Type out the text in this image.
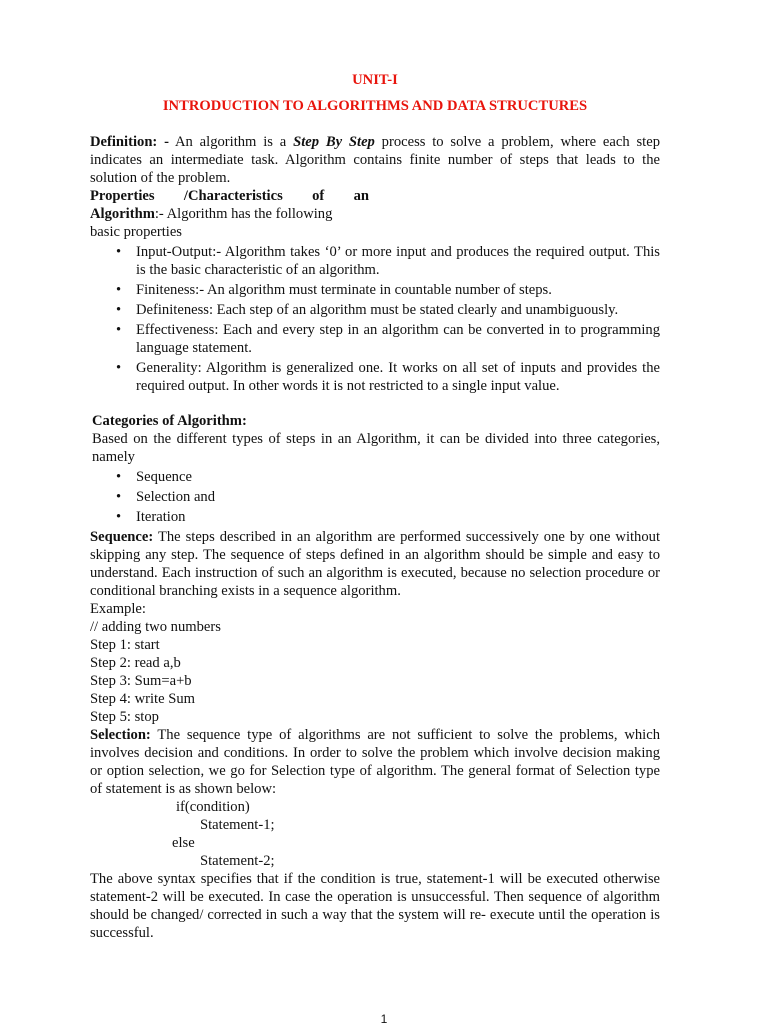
UNIT-I
INTRODUCTION TO ALGORITHMS AND DATA STRUCTURES

Definition: - An algorithm is a Step By Step process to solve a problem, where each step indicates an intermediate task. Algorithm contains finite number of steps that leads to the solution of the problem.

Properties /Characteristics of an
Algorithm:- Algorithm has the following

basic properties

• Input-Output:- Algorithm takes ‘0’ or more input and produces the required output. This is the basic characteristic of an algorithm.
• Finiteness:- An algorithm must terminate in countable number of steps.
• Definiteness: Each step of an algorithm must be stated clearly and unambiguously.
• Effectiveness: Each and every step in an algorithm can be converted in to programming language statement.
• Generality: Algorithm is generalized one. It works on all set of inputs and provides the required output. In other words it is not restricted to a single input value.

Categories of Algorithm:

Based on the different types of steps in an Algorithm, it can be divided into three categories, namely

• Sequence
• Selection and
• Iteration

Sequence: The steps described in an algorithm are performed successively one by one without skipping any step. The sequence of steps defined in an algorithm should be simple and easy to understand. Each instruction of such an algorithm is executed, because no selection procedure or conditional branching exists in a sequence algorithm.

Example:

// adding two numbers

Step 1: start

Step 2: read a,b

Step 3: Sum=a+b

Step 4: write Sum

Step 5: stop

Selection: The sequence type of algorithms are not sufficient to solve the problems, which involves decision and conditions. In order to solve the problem which involve decision making or option selection, we go for Selection type of algorithm. The general format of Selection type of statement is as shown below:

if(condition)

Statement-1;

else

Statement-2;

The above syntax specifies that if the condition is true, statement-1 will be executed otherwise statement-2 will be executed. In case the operation is unsuccessful. Then sequence of algorithm should be changed/ corrected in such a way that the system will re- execute until the operation is successful.

1
